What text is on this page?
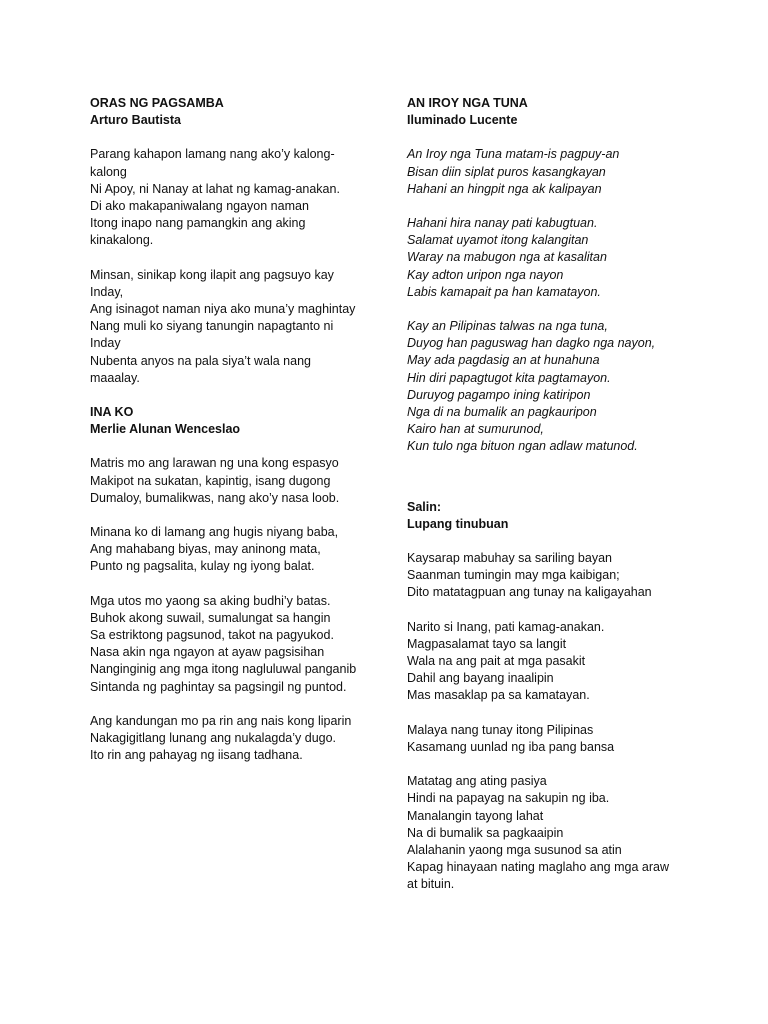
ORAS NG PAGSAMBA
Arturo Bautista
Parang kahapon lamang nang ako’y kalong-
kalong
Ni Apoy, ni Nanay at lahat ng kamag-anakan.
Di ako makapaniwalang ngayon naman
Itong inapo nang pamangkin ang aking
kinakalong.
Minsan, sinikap kong ilapit ang pagsuyo kay
Inday,
Ang isinagot naman niya ako muna’y maghintay
Nang muli ko siyang tanungin napagtanto ni
Inday
Nubenta anyos na pala siya’t wala nang
maaalay.
INA KO
Merlie Alunan Wenceslao
Matris mo ang larawan ng una kong espasyo
Makipot na sukatan, kapintig, isang dugong
Dumaloy, bumalikwas, nang ako’y nasa loob.
Minana ko di lamang ang hugis niyang baba,
Ang mahabang biyas, may aninong mata,
Punto ng pagsalita, kulay ng iyong balat.
Mga utos mo yaong sa aking budhi’y batas.
Buhok akong suwail, sumalungat sa hangin
Sa estriktong pagsunod, takot na pagyukod.
Nasa akin nga ngayon at ayaw pagsisihan
Nanginginig ang mga itong nagluluwal panganib
Sintanda ng paghintay sa pagsingil ng puntod.
Ang kandungan mo pa rin ang nais kong liparin
Nakagigitlang lunang ang nukalagda’y dugo.
Ito rin ang pahayag ng iisang tadhana.
AN IROY NGA TUNA
Iluminado Lucente
An Iroy nga Tuna matam-is pagpuy-an
Bisan diin siplat puros kasangkayan
Hahani an hingpit nga ak kalipayan
Hahani hira nanay pati kabugtuan.
Salamat uyamot itong kalangitan
Waray na mabugon nga at kasalitan
Kay adton uripon nga nayon
Labis kamapait pa han kamatayon.
Kay an Pilipinas talwas na nga tuna,
Duyog han paguswag han dagko nga nayon,
May ada pagdasig an at hunahuna
Hin diri papagtugot kita pagtamayon.
Duruyog pagampo ining katiripon
Nga di na bumalik an pagkauripon
Kairo han at sumurunod,
Kun tulo nga bituon ngan adlaw matunod.
Salin:
Lupang tinubuan
Kaysarap mabuhay sa sariling bayan
Saanman tumingin may mga kaibigan;
Dito matatagpuan ang tunay na kaligayahan
Narito si Inang, pati kamag-anakan.
Magpasalamat tayo sa langit
Wala na ang pait at mga pasakit
Dahil ang bayang inaalipin
Mas masaklap pa sa kamatayan.
Malaya nang tunay itong Pilipinas
Kasamang uunlad ng iba pang bansa
Matatag ang ating pasiya
Hindi na papayag na sakupin ng iba.
Manalangin tayong lahat
Na di bumalik sa pagkaaipin
Alalahanin yaong mga susunod sa atin
Kapag hinayaan nating maglaho ang mga araw
at bituin.
